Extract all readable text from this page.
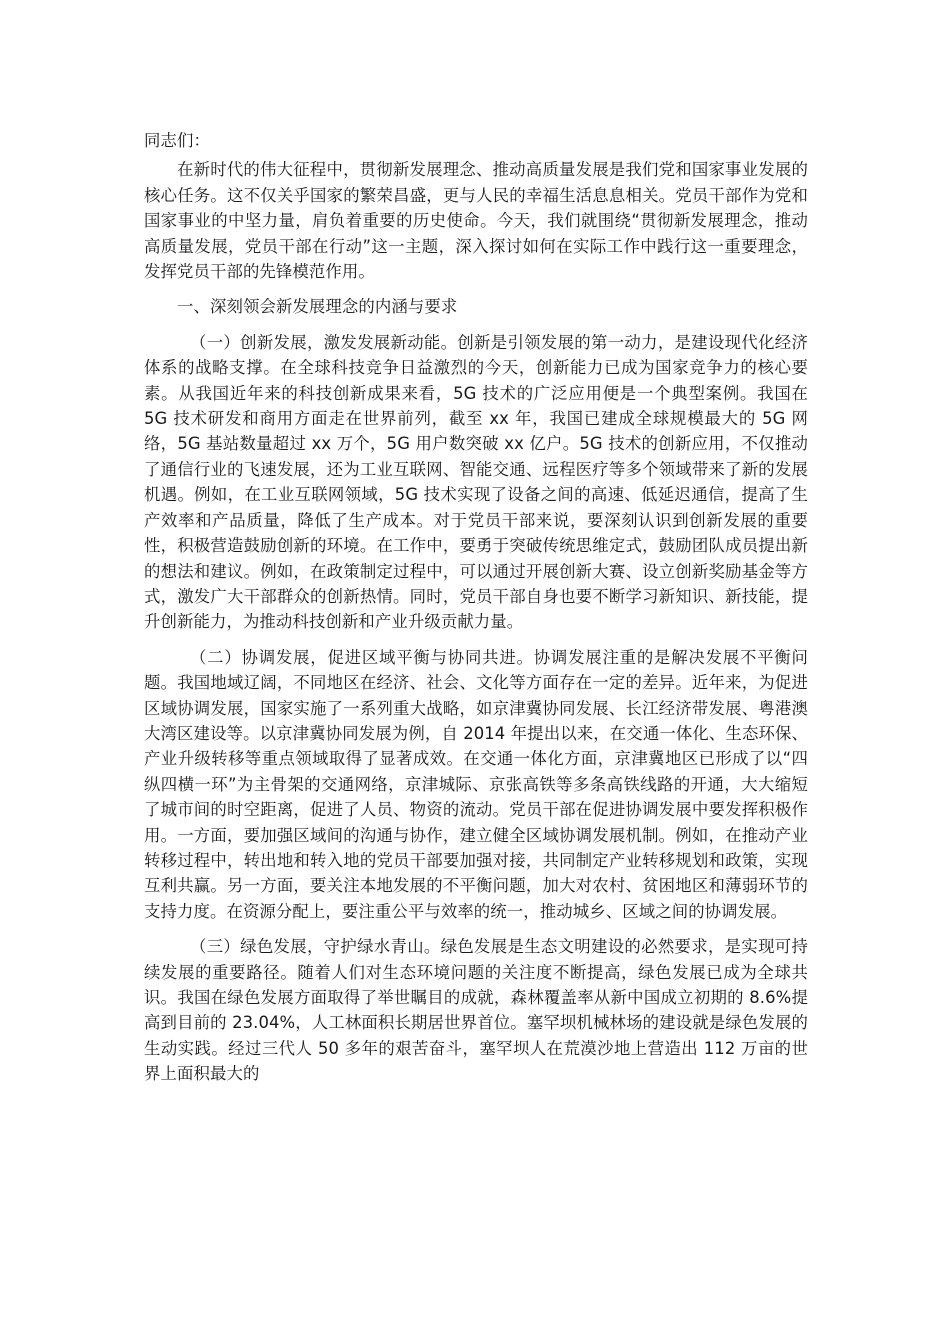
同志们：

在新时代的伟大征程中，贯彻新发展理念、推动高质量发展是我们党和国家事业发展的核心任务。这不仅关乎国家的繁荣昌盛，更与人民的幸福生活息息相关。党员干部作为党和国家事业的中坚力量，肩负着重要的历史使命。今天，我们就围绕“贯彻新发展理念，推动高质量发展，党员干部在行动”这一主题，深入探讨如何在实际工作中践行这一重要理念，发挥党员干部的先锋模范作用。

一、深刻领会新发展理念的内涵与要求

（一）创新发展，激发发展新动能。创新是引领发展的第一动力，是建设现代化经济体系的战略支撑。在全球科技竞争日益激烈的今天，创新能力已成为国家竞争力的核心要素。从我国近年来的科技创新成果来看，5G 技术的广泛应用便是一个典型案例。我国在 5G 技术研发和商用方面走在世界前列，截至 xx 年，我国已建成全球规模最大的 5G 网络，5G 基站数量超过 xx 万个，5G 用户数突破 xx 亿户。5G 技术的创新应用，不仅推动了通信行业的飞速发展，还为工业互联网、智能交通、远程医疗等多个领域带来了新的发展机遇。例如，在工业互联网领域，5G 技术实现了设备之间的高速、低延迟通信，提高了生产效率和产品质量，降低了生产成本。对于党员干部来说，要深刻认识到创新发展的重要性，积极营造鼓励创新的环境。在工作中，要勇于突破传统思维定式，鼓励团队成员提出新的想法和建议。例如，在政策制定过程中，可以通过开展创新大赛、设立创新奖励基金等方式，激发广大干部群众的创新热情。同时，党员干部自身也要不断学习新知识、新技能，提升创新能力，为推动科技创新和产业升级贡献力量。

（二）协调发展，促进区域平衡与协同共进。协调发展注重的是解决发展不平衡问题。我国地域辽阔，不同地区在经济、社会、文化等方面存在一定的差异。近年来，为促进区域协调发展，国家实施了一系列重大战略，如京津冀协同发展、长江经济带发展、粤港澳大湾区建设等。以京津冀协同发展为例，自 2014 年提出以来，在交通一体化、生态环保、产业升级转移等重点领域取得了显著成效。在交通一体化方面，京津冀地区已形成了以“四纵四横一环”为主骨架的交通网络，京津城际、京张高铁等多条高铁线路的开通，大大缩短了城市间的时空距离，促进了人员、物资的流动。党员干部在促进协调发展中要发挥积极作用。一方面，要加强区域间的沟通与协作，建立健全区域协调发展机制。例如，在推动产业转移过程中，转出地和转入地的党员干部要加强对接，共同制定产业转移规划和政策，实现互利共赢。另一方面，要关注本地发展的不平衡问题，加大对农村、贫困地区和薄弱环节的支持力度。在资源分配上，要注重公平与效率的统一，推动城乡、区域之间的协调发展。

（三）绿色发展，守护绿水青山。绿色发展是生态文明建设的必然要求，是实现可持续发展的重要路径。随着人们对生态环境问题的关注度不断提高，绿色发展已成为全球共识。我国在绿色发展方面取得了举世瞩目的成就，森林覆盖率从新中国成立初期的 8.6%提高到目前的 23.04%，人工林面积长期居世界首位。塞罕坝机械林场的建设就是绿色发展的生动实践。经过三代人 50 多年的艰苦奋斗，塞罕坝人在荒漠沙地上营造出 112 万亩的世界上面积最大的
